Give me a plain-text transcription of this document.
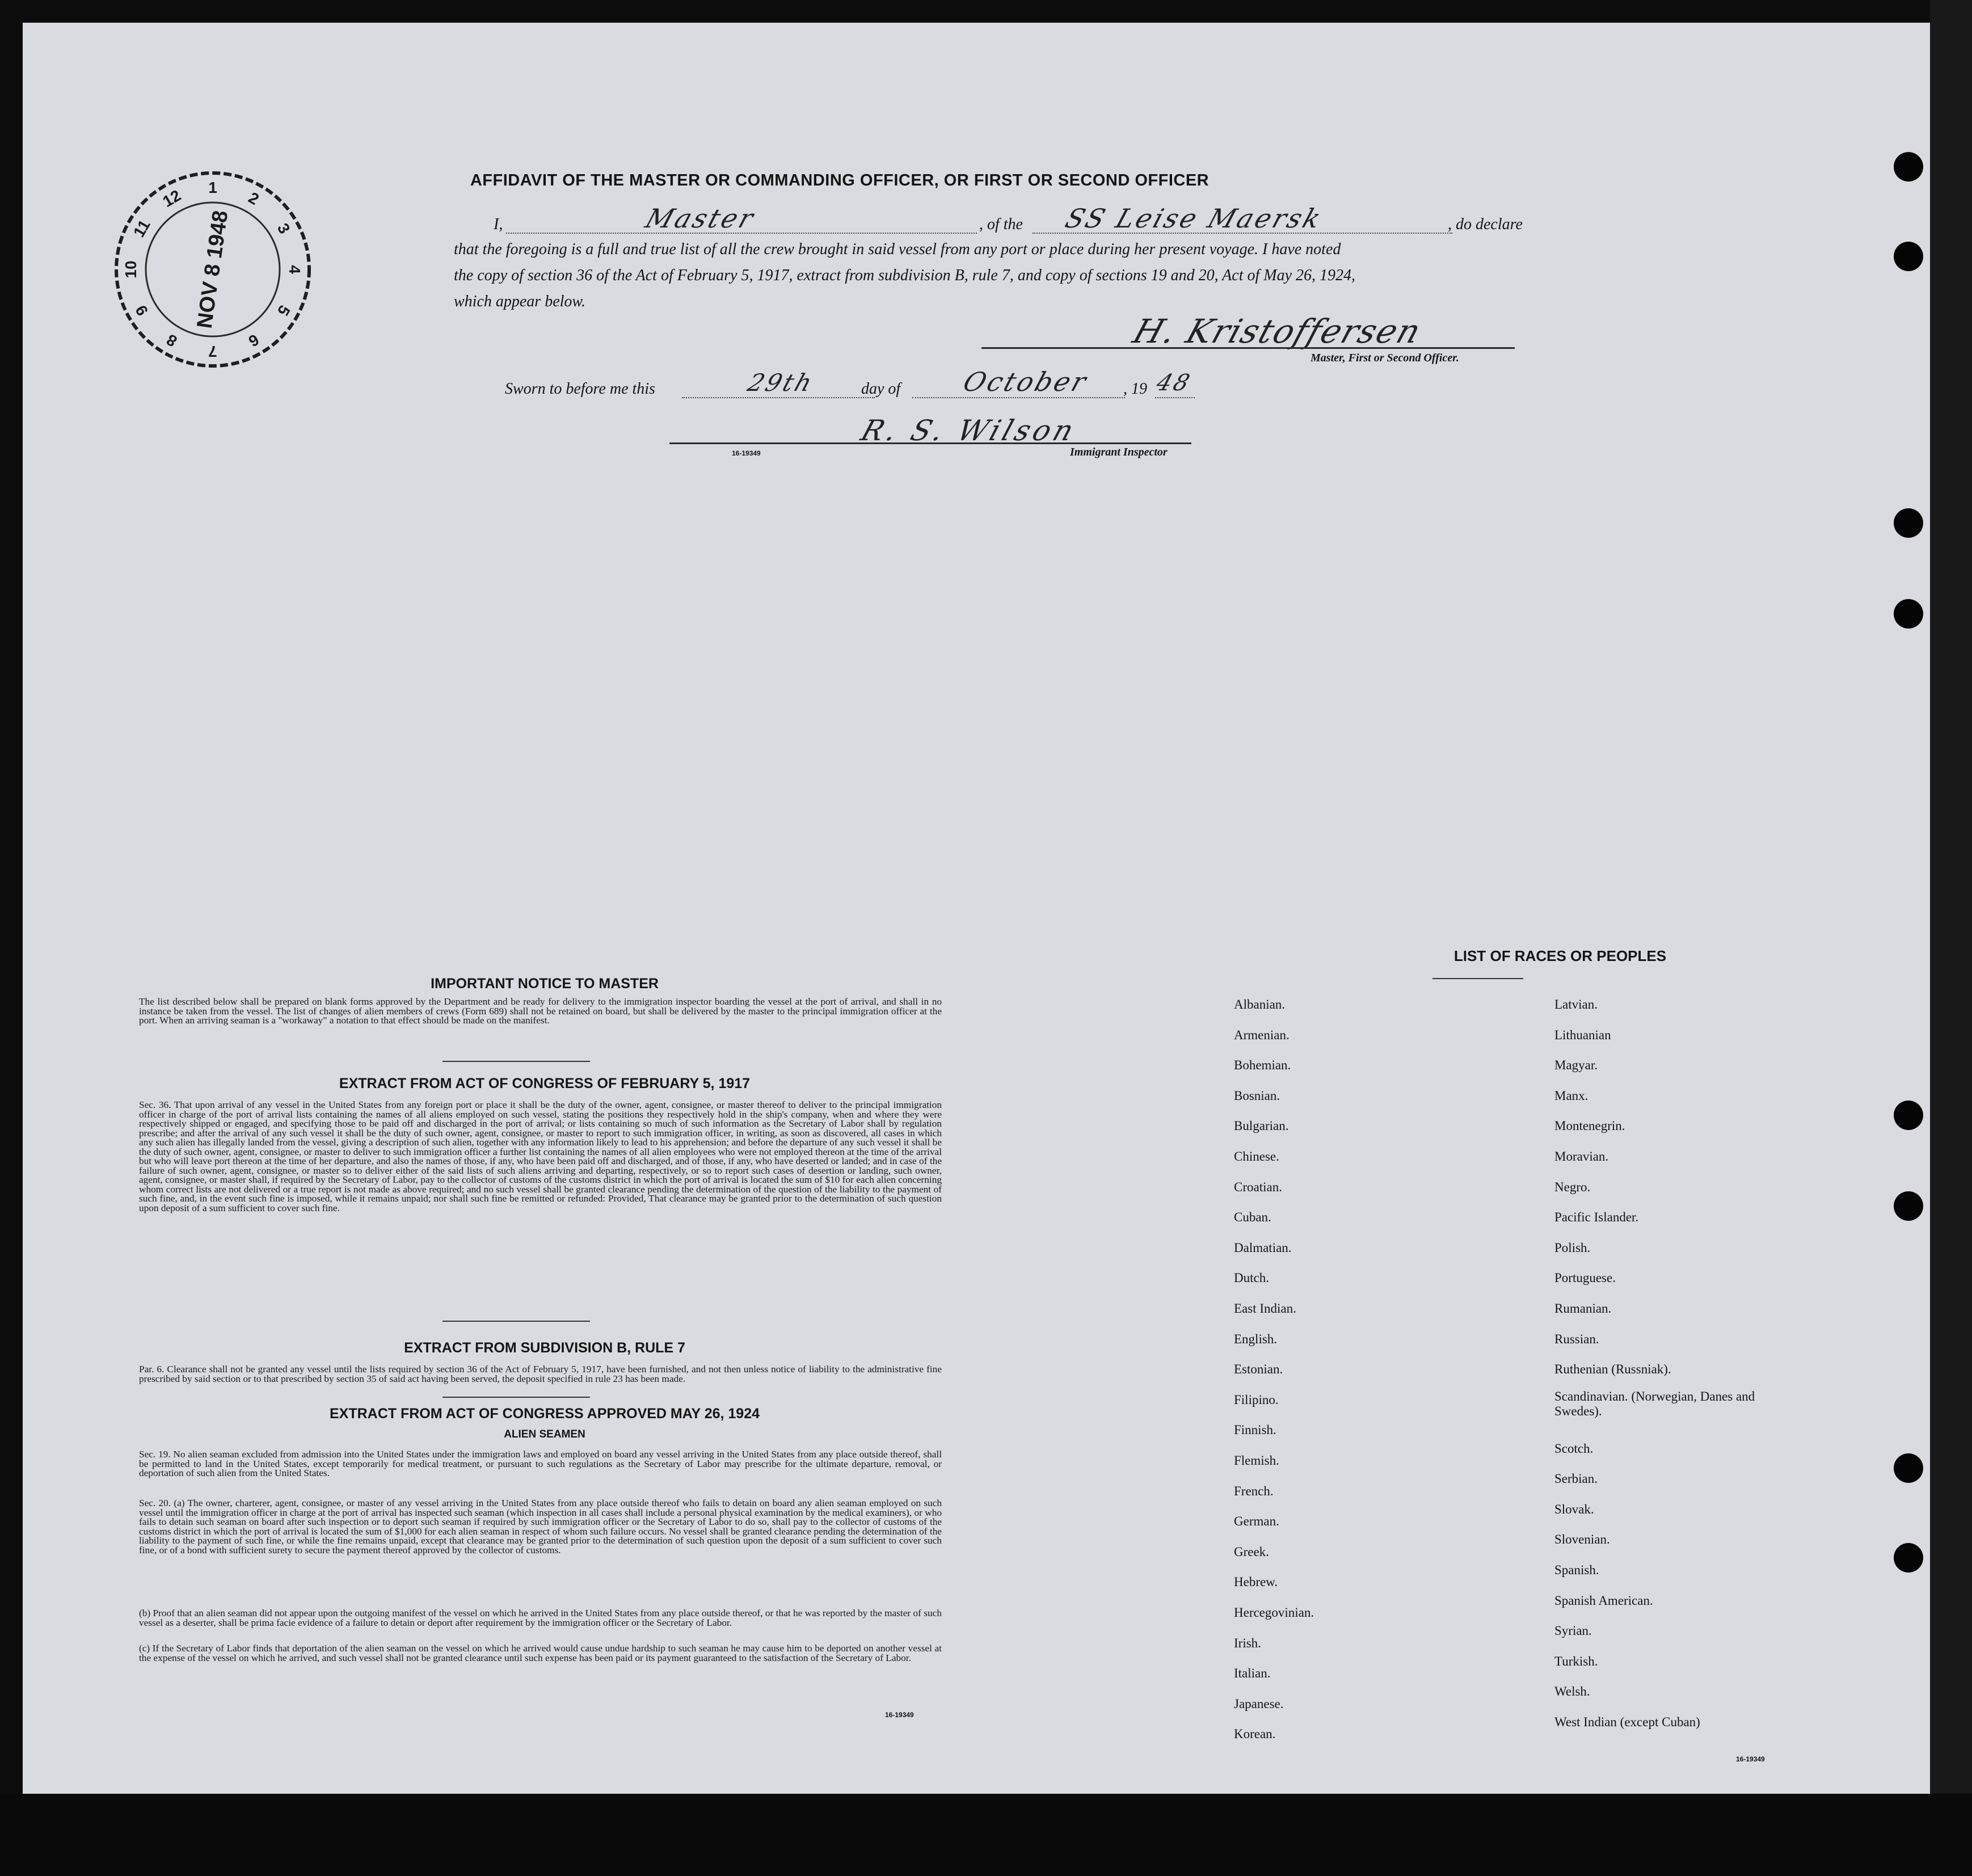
1
2
3
4
5
6
7
8
9
10
11
12
NOV 8 1948
AFFIDAVIT OF THE MASTER OR COMMANDING OFFICER, OR FIRST OR SECOND OFFICER
I,	Master	, of the SS Leise Maersk	, do declare
that the foregoing is a full and true list of all the crew brought in said vessel from any port or place during her present voyage. I have noted
the copy of section 36 of the Act of February 5, 1917, extract from subdivision B, rule 7, and copy of sections 19 and 20, Act of May 26, 1924,
which appear below.
H. Kristoffersen
Master, First or Second Officer.
Sworn to before me this	29th	day of October , 19 48
R. S. Wilson
16-19349	Immigrant Inspector
IMPORTANT NOTICE TO MASTER
The list described below shall be prepared on blank forms approved by the Department and be ready for delivery to the immigration inspector boarding the vessel at the port of arrival, and shall in no instance be taken from the vessel. The list of changes of alien members of crews (Form 689) shall not be retained on board, but shall be delivered by the master to the principal immigration officer at the port. When an arriving seaman is a "workaway" a notation to that effect should be made on the manifest.
EXTRACT FROM ACT OF CONGRESS OF FEBRUARY 5, 1917
Sec. 36. That upon arrival of any vessel in the United States from any foreign port or place it shall be the duty of the owner, agent, consignee, or master thereof to deliver to the principal immigration officer in charge of the port of arrival lists containing the names of all aliens employed on such vessel, stating the positions they respectively hold in the ship's company, when and where they were respectively shipped or engaged, and specifying those to be paid off and discharged in the port of arrival; or lists containing so much of such information as the Secretary of Labor shall by regulation prescribe; and after the arrival of any such vessel it shall be the duty of such owner, agent, consignee, or master to report to such immigration officer, in writing, as soon as discovered, all cases in which any such alien has illegally landed from the vessel, giving a description of such alien, together with any information likely to lead to his apprehension; and before the departure of any such vessel it shall be the duty of such owner, agent, consignee, or master to deliver to such immigration officer a further list containing the names of all alien employees who were not employed thereon at the time of the arrival but who will leave port thereon at the time of her departure, and also the names of those, if any, who have been paid off and discharged, and of those, if any, who have deserted or landed; and in case of the failure of such owner, agent, consignee, or master so to deliver either of the said lists of such aliens arriving and departing, respectively, or so to report such cases of desertion or landing, such owner, agent, consignee, or master shall, if required by the Secretary of Labor, pay to the collector of customs of the customs district in which the port of arrival is located the sum of $10 for each alien concerning whom correct lists are not delivered or a true report is not made as above required; and no such vessel shall be granted clearance pending the determination of the question of the liability to the payment of such fine, and, in the event such fine is imposed, while it remains unpaid; nor shall such fine be remitted or refunded: Provided, That clearance may be granted prior to the determination of such question upon deposit of a sum sufficient to cover such fine.
EXTRACT FROM SUBDIVISION B, RULE 7
Par. 6. Clearance shall not be granted any vessel until the lists required by section 36 of the Act of February 5, 1917, have been furnished, and not then unless notice of liability to the administrative fine prescribed by said section or to that prescribed by section 35 of said act having been served, the deposit specified in rule 23 has been made.
EXTRACT FROM ACT OF CONGRESS APPROVED MAY 26, 1924
ALIEN SEAMEN
Sec. 19. No alien seaman excluded from admission into the United States under the immigration laws and employed on board any vessel arriving in the United States from any place outside thereof, shall be permitted to land in the United States, except temporarily for medical treatment, or pursuant to such regulations as the Secretary of Labor may prescribe for the ultimate departure, removal, or deportation of such alien from the United States.
Sec. 20. (a) The owner, charterer, agent, consignee, or master of any vessel arriving in the United States from any place outside thereof who fails to detain on board any alien seaman employed on such vessel until the immigration officer in charge at the port of arrival has inspected such seaman (which inspection in all cases shall include a personal physical examination by the medical examiners), or who fails to detain such seaman on board after such inspection or to deport such seaman if required by such immigration officer or the Secretary of Labor to do so, shall pay to the collector of customs of the customs district in which the port of arrival is located the sum of $1,000 for each alien seaman in respect of whom such failure occurs. No vessel shall be granted clearance pending the determination of the liability to the payment of such fine, or while the fine remains unpaid, except that clearance may be granted prior to the determination of such question upon the deposit of a sum sufficient to cover such fine, or of a bond with sufficient surety to secure the payment thereof approved by the collector of customs.
(b) Proof that an alien seaman did not appear upon the outgoing manifest of the vessel on which he arrived in the United States from any place outside thereof, or that he was reported by the master of such vessel as a deserter, shall be prima facie evidence of a failure to detain or deport after requirement by the immigration officer or the Secretary of Labor.
(c) If the Secretary of Labor finds that deportation of the alien seaman on the vessel on which he arrived would cause undue hardship to such seaman he may cause him to be deported on another vessel at the expense of the vessel on which he arrived, and such vessel shall not be granted clearance until such expense has been paid or its payment guaranteed to the satisfaction of the Secretary of Labor.
16-19349
LIST OF RACES OR PEOPLES
16-19349
Albanian.
Armenian.
Bohemian.
Bosnian.
Bulgarian.
Chinese.
Croatian.
Cuban.
Dalmatian.
Dutch.
East Indian.
English.
Estonian.
Filipino.
Finnish.
Flemish.
French.
German.
Greek.
Hebrew.
Hercegovinian.
Irish.
Italian.
Japanese.
Korean.
Latvian.
Lithuanian
Magyar.
Manx.
Montenegrin.
Moravian.
Negro.
Pacific Islander.
Polish.
Portuguese.
Rumanian.
Russian.
Ruthenian (Russniak).
Scandinavian. (Norwegian, Danes and Swedes).
Scotch.
Serbian.
Slovak.
Slovenian.
Spanish.
Spanish American.
Syrian.
Turkish.
Welsh.
West Indian (except Cuban)
